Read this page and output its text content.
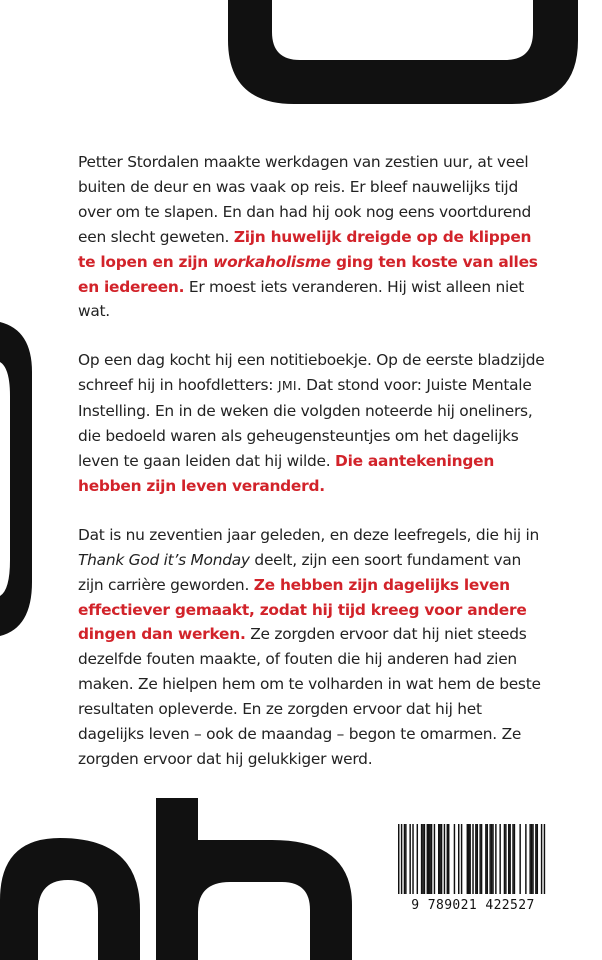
Petter Stordalen maakte werkdagen van zestien uur, at veel buiten de deur en was vaak op reis. Er bleef nauwelijks tijd over om te slapen. En dan had hij ook nog eens voortdurend een slecht geweten. Zijn huwelijk dreigde op de klippen te lopen en zijn workaholisme ging ten koste van alles en iedereen. Er moest iets veranderen. Hij wist alleen niet wat.

Op een dag kocht hij een notitieboekje. Op de eerste bladzijde schreef hij in hoofdletters: JMI. Dat stond voor: Juiste Mentale Instelling. En in de weken die volgden noteerde hij oneliners, die bedoeld waren als geheugensteuntjes om het dagelijks leven te gaan leiden dat hij wilde. Die aantekeningen hebben zijn leven veranderd.

Dat is nu zeventien jaar geleden, en deze leefregels, die hij in Thank God it’s Monday deelt, zijn een soort fundament van zijn carrière geworden. Ze hebben zijn dagelijks leven effectiever gemaakt, zodat hij tijd kreeg voor andere dingen dan werken. Ze zorgden ervoor dat hij niet steeds dezelfde fouten maakte, of fouten die hij anderen had zien maken. Ze hielpen hem om te volharden in wat hem de beste resultaten opleverde. En ze zorgden ervoor dat hij het dagelijks leven – ook de maandag – begon te omarmen. Ze zorgden ervoor dat hij gelukkiger werd.

9 789021 422527
